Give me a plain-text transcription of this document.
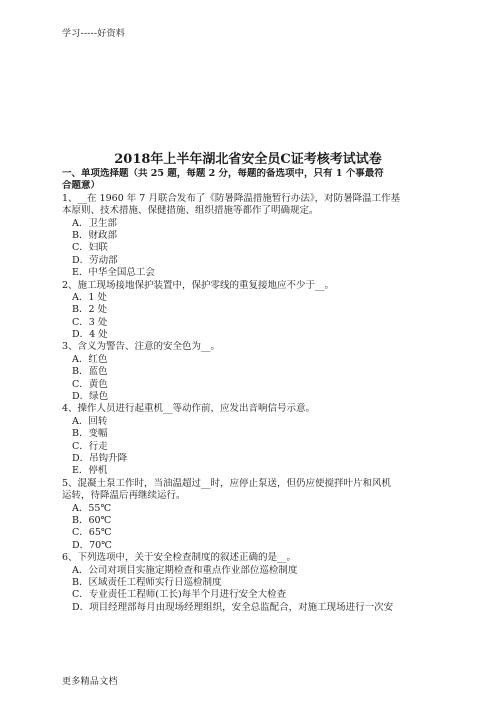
学习-----好资料
2018年上半年湖北省安全员C证考核考试试卷
一、单项选择题（共 25 题，每题 2 分，每题的备选项中，只有 1 个事最符
合题意）
1、__在 1960 年 7 月联合发布了《防暑降温措施暂行办法》，对防暑降温工作基
本原则、技术措施、保健措施、组织措施等都作了明确规定。
A．卫生部
B．财政部
C．妇联
D．劳动部
E．中华全国总工会
2、施工现场接地保护装置中，保护零线的重复接地应不少于__。
A．1 处
B．2 处
C．3 处
D．4 处
3、含义为警告、注意的安全色为__。
A．红色
B．蓝色
C．黄色
D．绿色
4、操作人员进行起重机__等动作前，应发出音响信号示意。
A．回转
B．变幅
C．行走
D．吊钩升降
E．停机
5、混凝土泵工作时，当油温超过__时，应停止泵送，但仍应使搅拌叶片和风机
运转，待降温后再继续运行。
A．55℃
B．60℃
C．65℃
D．70℃
6、下列选项中，关于安全检查制度的叙述正确的是__。
A．公司对项目实施定期检查和重点作业部位巡检制度
B．区域责任工程师实行日巡检制度
C．专业责任工程师(工长)每半个月进行安全大检查
D．项目经理部每月由现场经理组织，安全总监配合，对施工现场进行一次安
更多精品文档
